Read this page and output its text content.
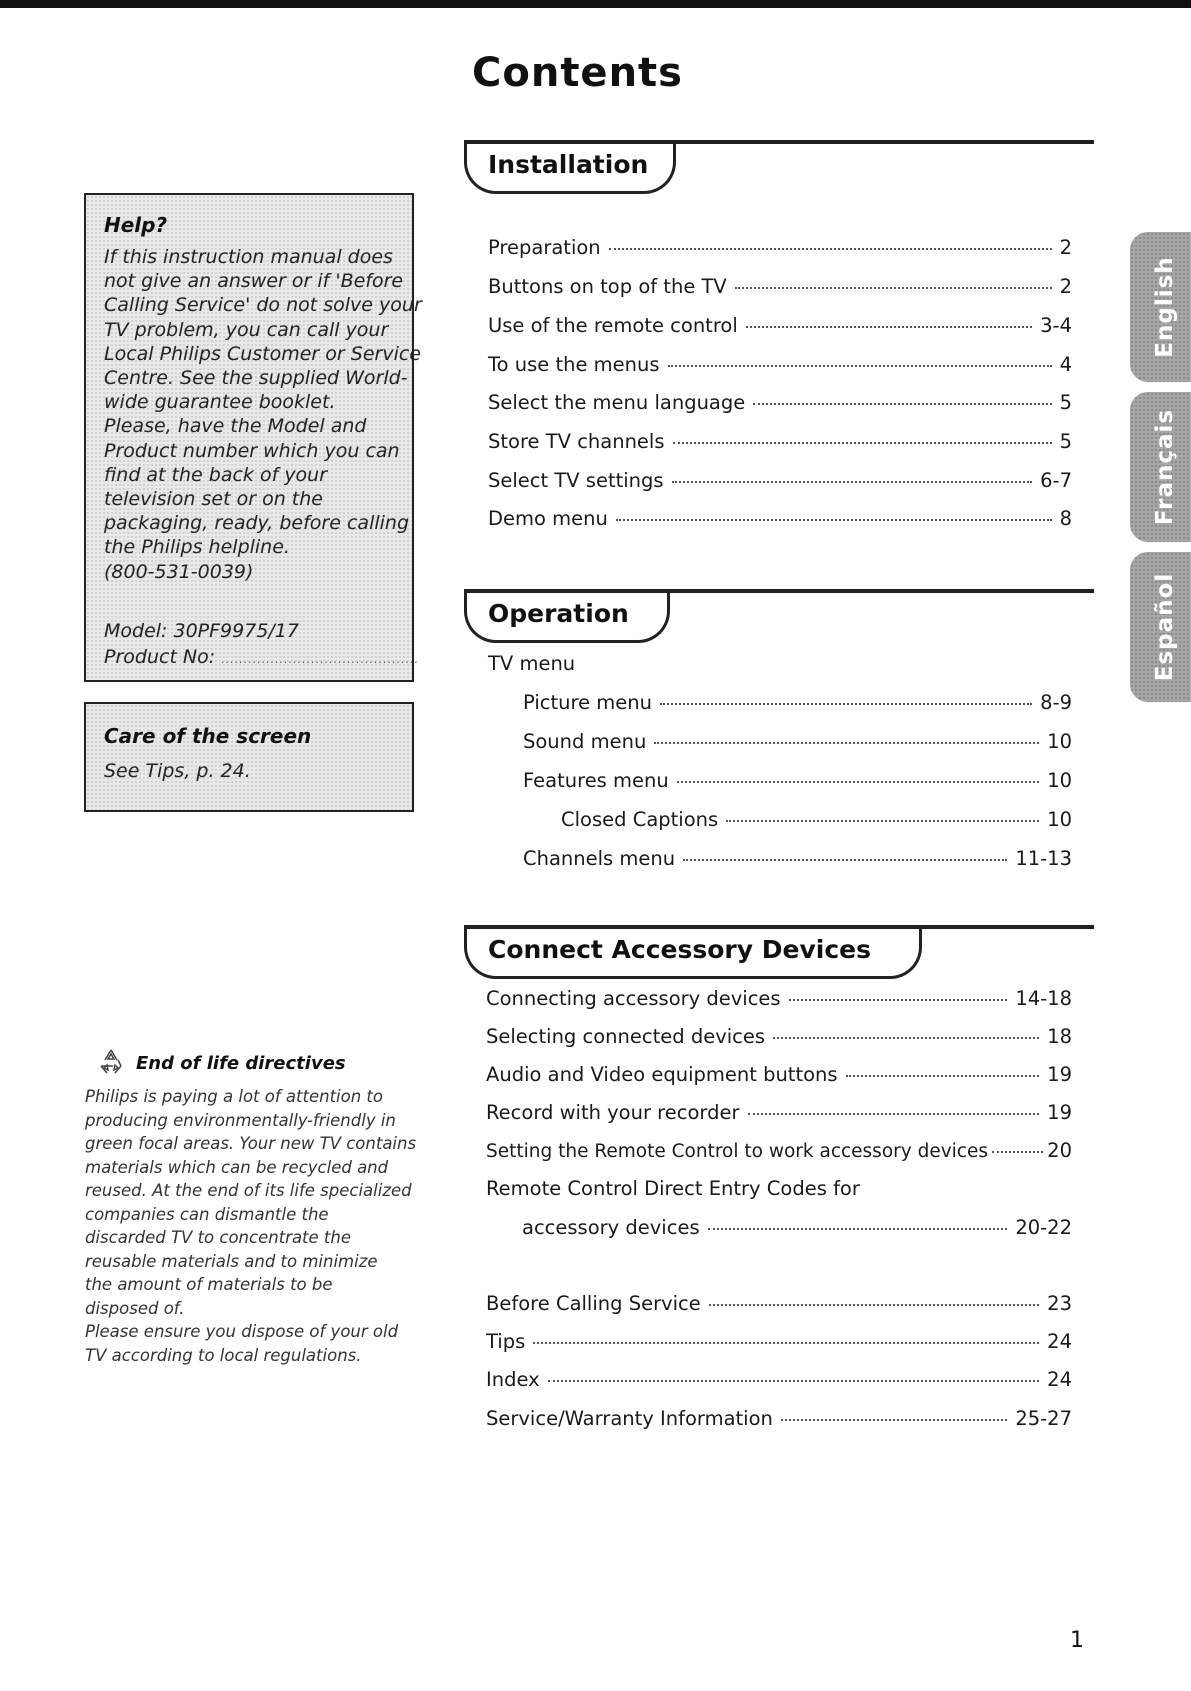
Contents
Help?
If this instruction manual does
not give an answer or if 'Before
Calling Service' do not solve your
TV problem, you can call your
Local Philips Customer or Service
Centre. See the supplied World-
wide guarantee booklet.
Please, have the Model and
Product number which you can
find at the back of your
television set or on the
packaging, ready, before calling
the Philips helpline.
(800-531-0039)
Model: 30PF9975/17
Product No: ............................................
Care of the screen
See Tips, p. 24.
End of life directives
Philips is paying a lot of attention to
producing environmentally-friendly in
green focal areas. Your new TV contains
materials which can be recycled and
reused. At the end of its life specialized
companies can dismantle the
discarded TV to concentrate the
reusable materials and to minimize
the amount of materials to be
disposed of.
Please ensure you dispose of your old
TV according to local regulations.
Installation
Preparation	2
Buttons on top of the TV	2
Use of the remote control	3-4
To use the menus	4
Select the menu language	5
Store TV channels	5
Select TV settings	6-7
Demo menu	8
Operation
TV menu
Picture menu	8-9
Sound menu	10
Features menu	10
Closed Captions	10
Channels menu	11-13
Connect Accessory Devices
Connecting accessory devices	14-18
Selecting connected devices	18
Audio and Video equipment buttons	19
Record with your recorder	19
Setting the Remote Control to work accessory devices	20
Remote Control Direct Entry Codes for
accessory devices	20-22
Before Calling Service	23
Tips	24
Index	24
Service/Warranty Information	25-27
English
Français
Español
1
